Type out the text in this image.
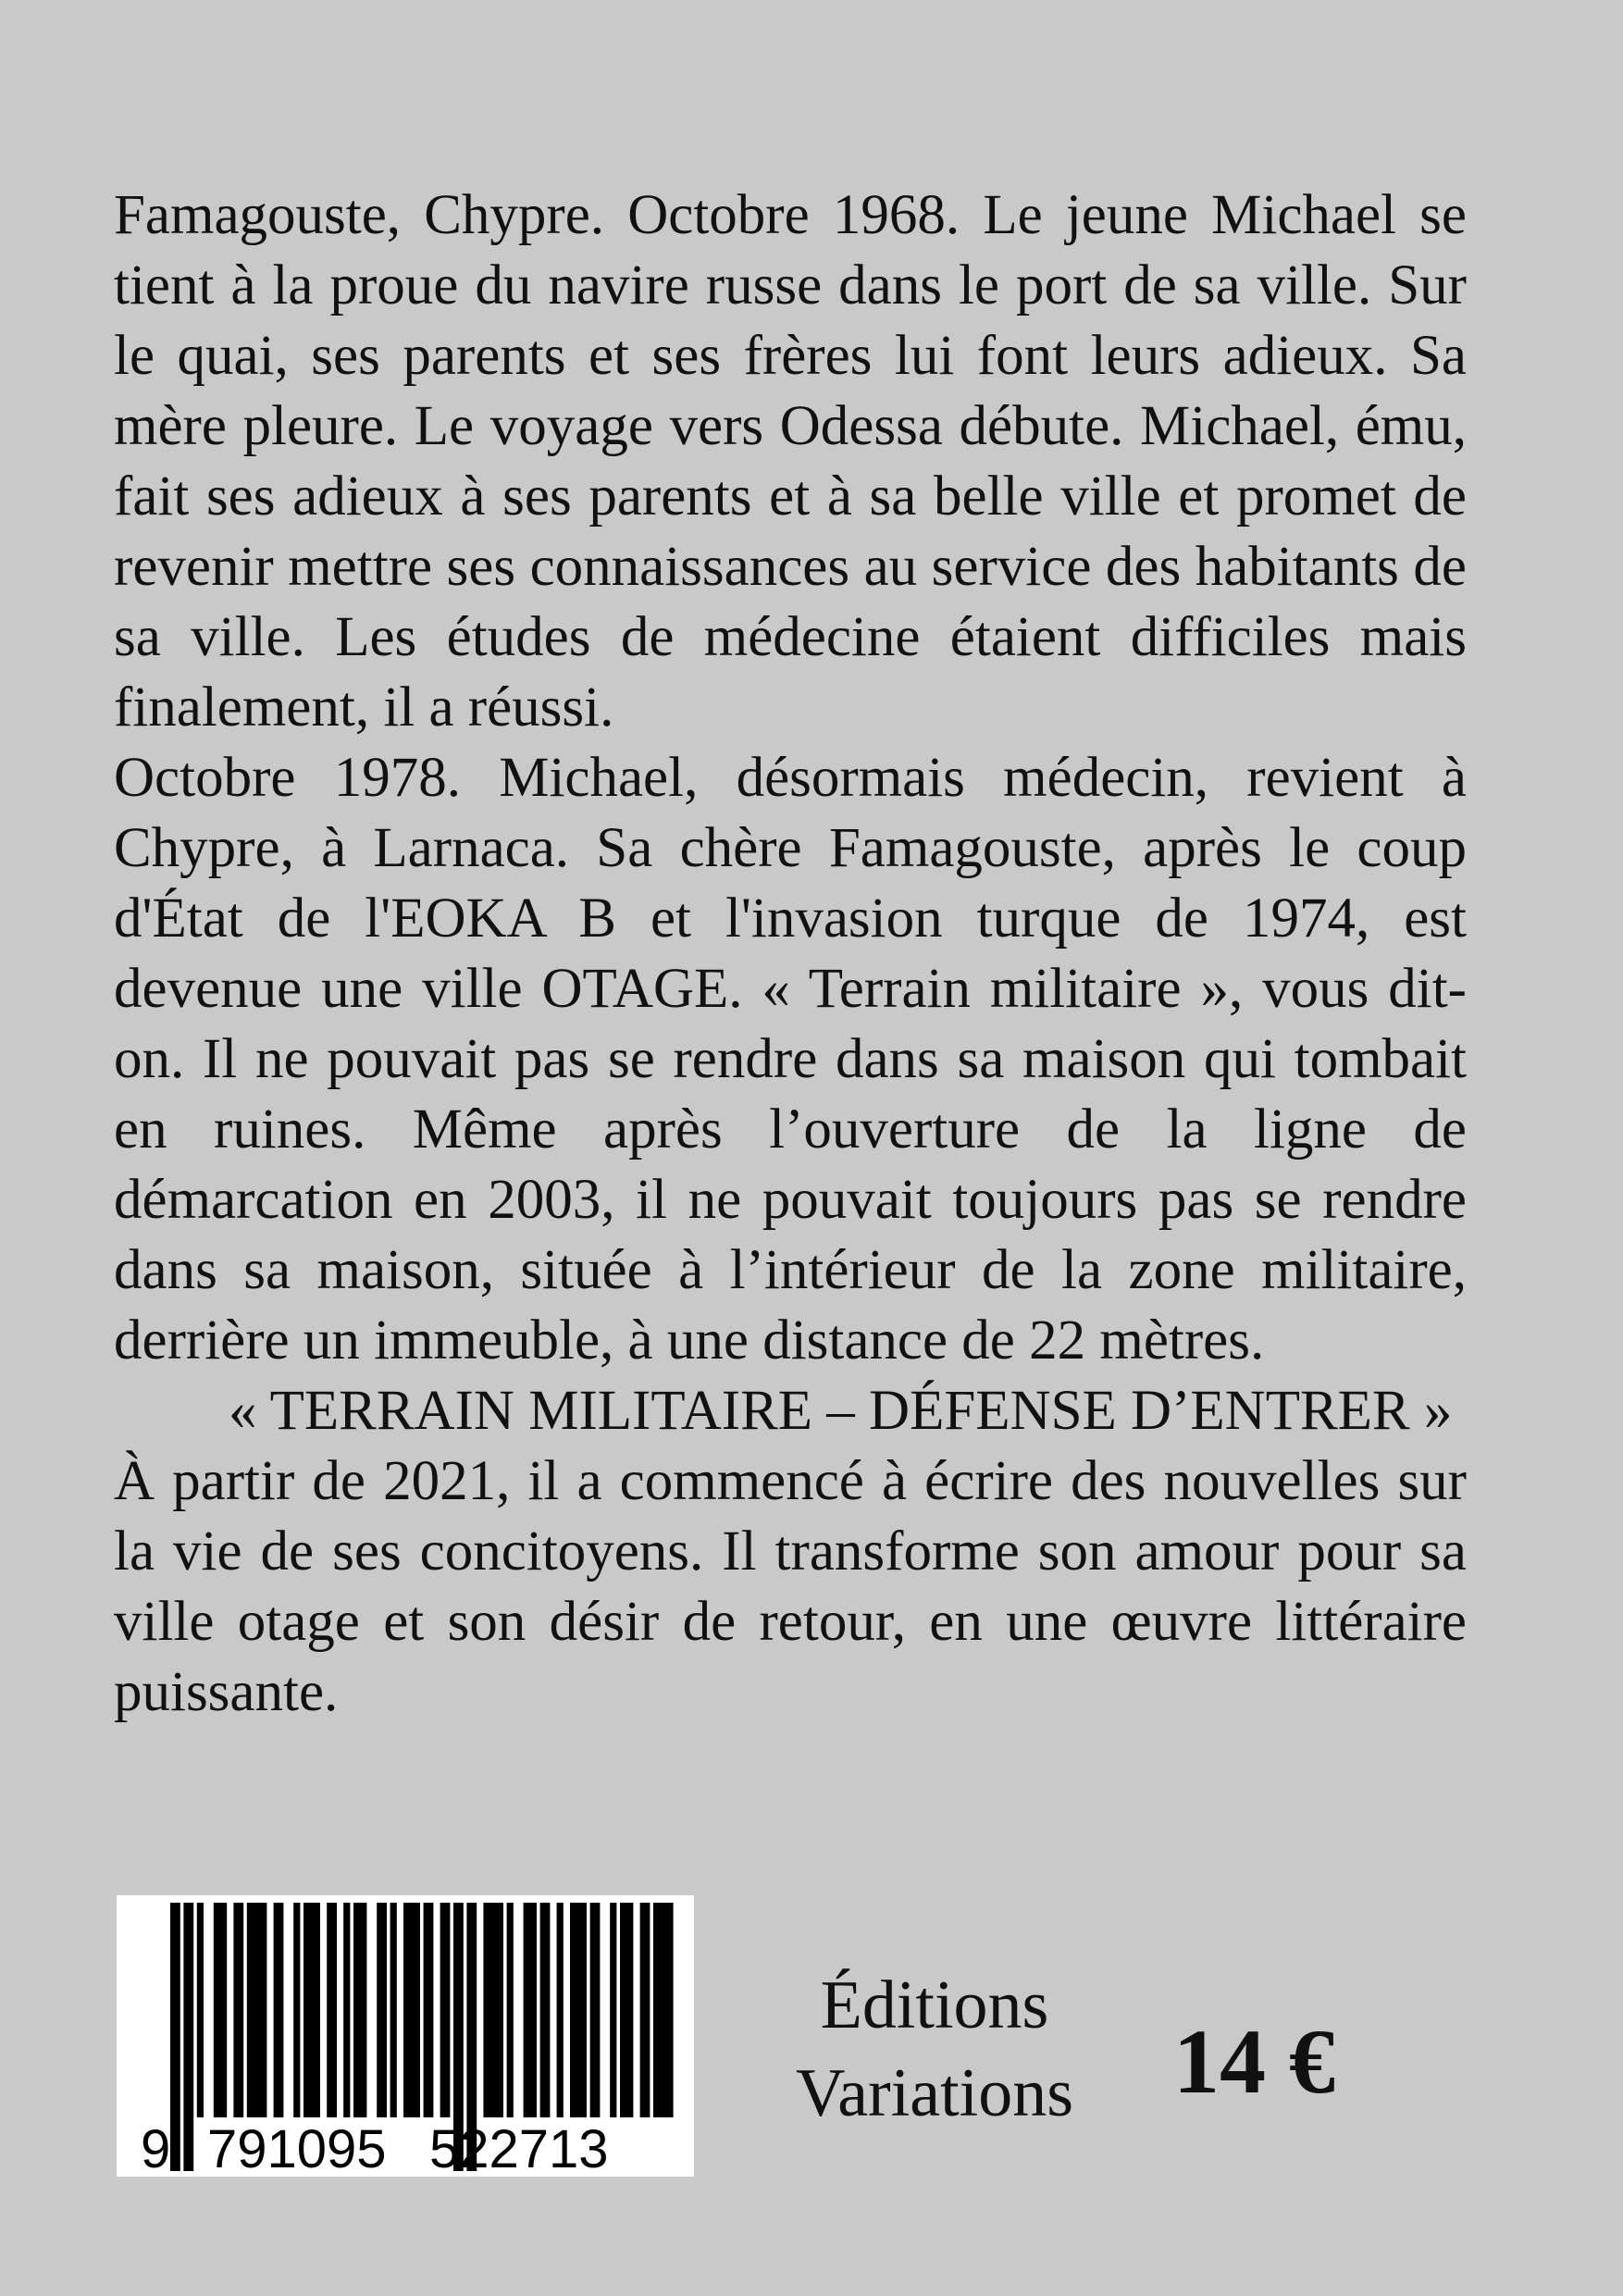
Famagouste, Chypre. Octobre 1968. Le jeune Michael se tient à la proue du navire russe dans le port de sa ville. Sur le quai, ses parents et ses frères lui font leurs adieux. Sa mère pleure. Le voyage vers Odessa débute. Michael, ému, fait ses adieux à ses parents et à sa belle ville et promet de revenir mettre ses connaissances au service des habitants de sa ville. Les études de médecine étaient difficiles mais finalement, il a réussi.

Octobre 1978. Michael, désormais médecin, revient à Chypre, à Larnaca. Sa chère Famagouste, après le coup d'État de l'EOKA B et l'invasion turque de 1974, est devenue une ville OTAGE. « Terrain militaire », vous dit-on. Il ne pouvait pas se rendre dans sa maison qui tombait en ruines. Même après l’ouverture de la ligne de démarcation en 2003, il ne pouvait toujours pas se rendre dans sa maison, située à l’intérieur de la zone militaire, derrière un immeuble, à une distance de 22 mètres.

« TERRAIN MILITAIRE – DÉFENSE D’ENTRER »

À partir de 2021, il a commencé à écrire des nouvelles sur la vie de ses concitoyens. Il transforme son amour pour sa ville otage et son désir de retour, en une œuvre littéraire puissante.

9 791095 522713
Éditions
Variations	14 €
